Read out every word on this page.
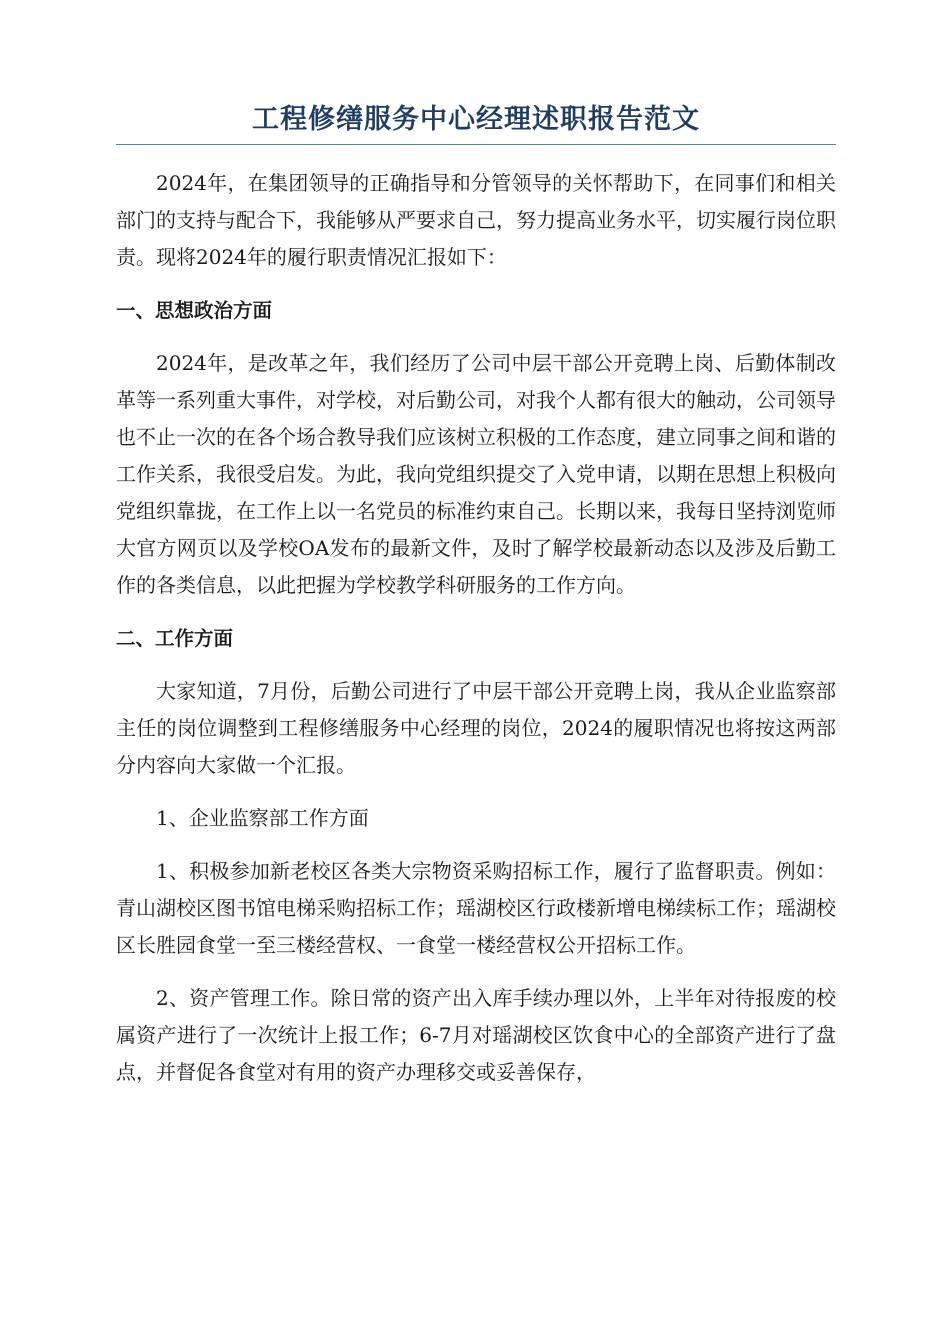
工程修缮服务中心经理述职报告范文

2024年，在集团领导的正确指导和分管领导的关怀帮助下，在同事们和相关部门的支持与配合下，我能够从严要求自己，努力提高业务水平，切实履行岗位职责。现将2024年的履行职责情况汇报如下：

一、思想政治方面

2024年，是改革之年，我们经历了公司中层干部公开竞聘上岗、后勤体制改革等一系列重大事件，对学校，对后勤公司，对我个人都有很大的触动，公司领导也不止一次的在各个场合教导我们应该树立积极的工作态度，建立同事之间和谐的工作关系，我很受启发。为此，我向党组织提交了入党申请，以期在思想上积极向党组织靠拢，在工作上以一名党员的标准约束自己。长期以来，我每日坚持浏览师大官方网页以及学校OA发布的最新文件，及时了解学校最新动态以及涉及后勤工作的各类信息，以此把握为学校教学科研服务的工作方向。

二、工作方面

大家知道，7月份，后勤公司进行了中层干部公开竞聘上岗，我从企业监察部主任的岗位调整到工程修缮服务中心经理的岗位，2024的履职情况也将按这两部分内容向大家做一个汇报。

1、企业监察部工作方面

1、积极参加新老校区各类大宗物资采购招标工作，履行了监督职责。例如：青山湖校区图书馆电梯采购招标工作；瑶湖校区行政楼新增电梯续标工作；瑶湖校区长胜园食堂一至三楼经营权、一食堂一楼经营权公开招标工作。

2、资产管理工作。除日常的资产出入库手续办理以外，上半年对待报废的校属资产进行了一次统计上报工作；6-7月对瑶湖校区饮食中心的全部资产进行了盘点，并督促各食堂对有用的资产办理移交或妥善保存，
